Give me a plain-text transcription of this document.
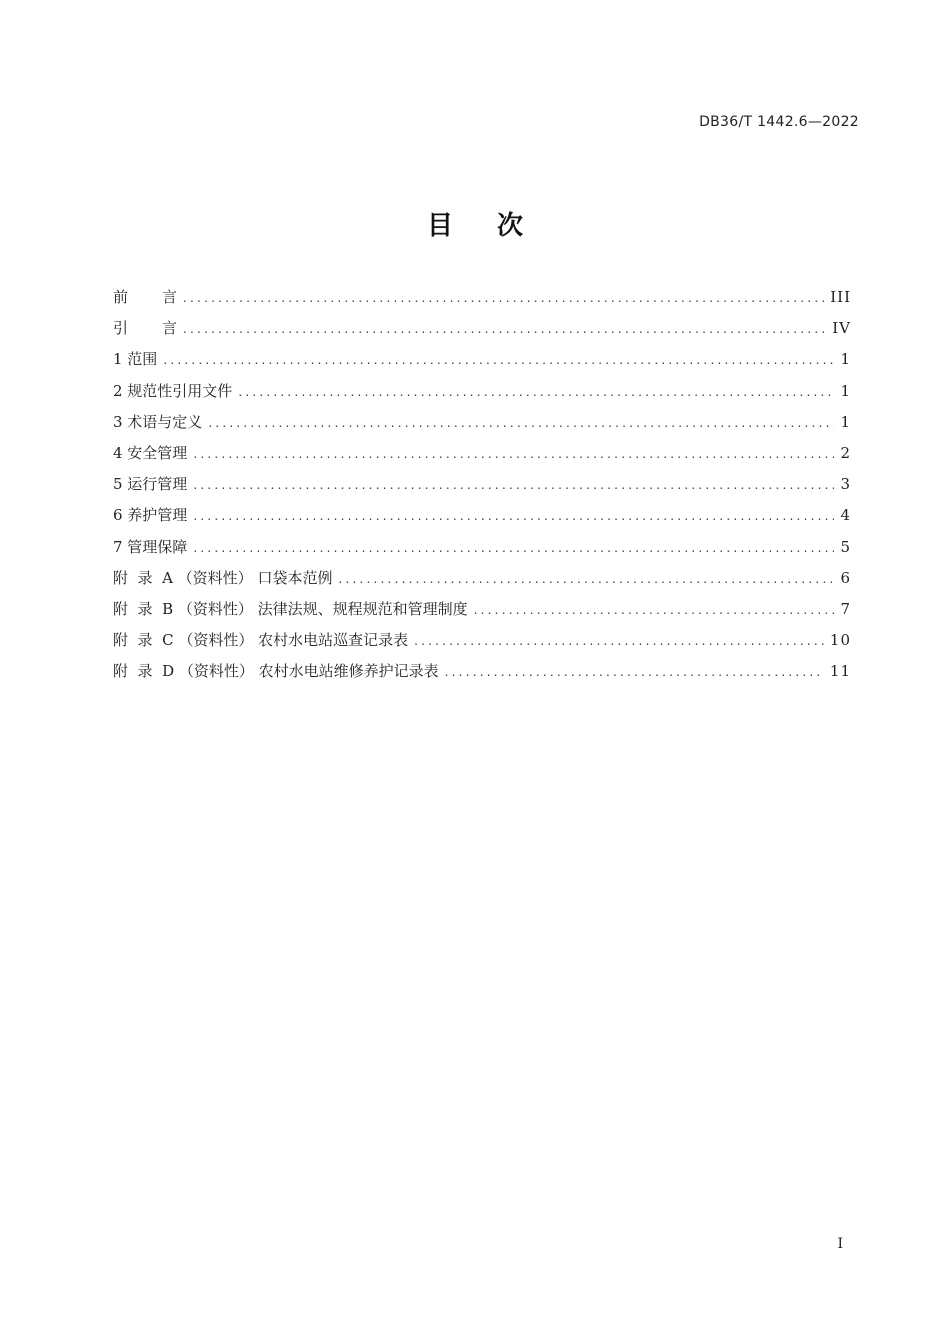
DB36/T 1442.6—2022
目次
前 言 .....	III
引 言 .....	IV
1 范围 .....	1
2 规范性引用文件 .....	1
3 术语与定义 .....	1
4 安全管理 .....	2
5 运行管理 .....	3
6 养护管理 .....	4
7 管理保障 .....	5
附  录  A （资料性） 口袋本范例 .....	6
附  录  B （资料性） 法律法规、规程规范和管理制度 .....	7
附  录  C （资料性） 农村水电站巡查记录表 .....	10
附  录  D （资料性） 农村水电站维修养护记录表 .....	11
I
